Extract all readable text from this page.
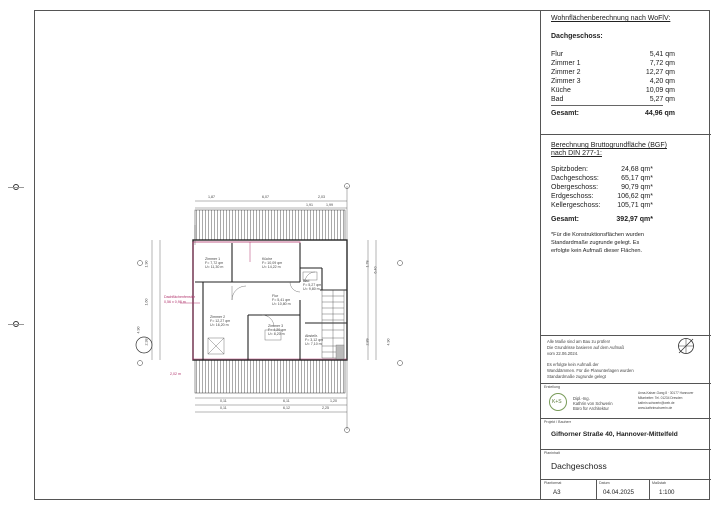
1,87	6,07	2,03
1,91	1,99
0,11	6,11	1,20
0,11	6,12	2,25
1,90
1,60
4,90
2,38
1,78
6,40
2,89	4,90
Dachflächenfenster
0,56 x 0,98 m
2,02 m
Zimmer 1
F= 7,72 qm
U= 11,30 m
Küche
F= 10,09 qm
U= 14,22 m
Bad
F= 5,27 qm
U= 9,80 m
Flur
F= 5,41 qm
U= 10,80 m
Zimmer 2
F= 12,27 qm
U= 16,20 m	Zimmer 3
F= 4,20 qm
U= 8,20 m	Abstellr.
F= 3,12 qm
U= 7,10 m
Wohnflächenberechnung nach WoFlV:
Dachgeschoss:
Flur	5,41 qm
Zimmer 1	7,72 qm
Zimmer 2	12,27 qm
Zimmer 3	4,20 qm
Küche	10,09 qm
Bad	5,27 qm
Gesamt:	44,96 qm
Berechnung Bruttogrundfläche (BGF)
nach DIN 277-1:
Spitzboden:	24,68 qm*
Dachgeschoss:	65,17 qm*
Obergeschoss:	90,79 qm*
Erdgeschoss:	106,62 qm*
Kellergeschoss: 105,71 qm*
Gesamt:	392,97 qm*
*Für die Konstruktionsflächen wurden
Standardmaße zugrunde gelegt. Es
erfolgte kein Aufmaß dieser Flächen.
Alle Maße sind am Bau zu prüfen!
Die Grundrisse basieren auf dem Aufmaß
vom 22.06.2024.
Es erfolgte kein Aufmaß der
Wanddämmen. Für die Planunterlagen wurden
Standardmaße zugrunde gelegt
Erstellung
K+S
Dipl.-Ing.
Kathrin von Schwerin
Büro für Architektur
Anna-Kaiser-Gang 8 · 30177 Hannover
Mitarbeiter: Tel. 01234 Dresden
kathrin.schwerin@web.de
www.kathrinschwerin.de
Projekt / Bauherr
Gifhorner Straße 40, Hannover-Mittelfeld
Planinhalt
Dachgeschoss
Planformat
A3
Datum
04.04.2025
Maßstab
1:100
